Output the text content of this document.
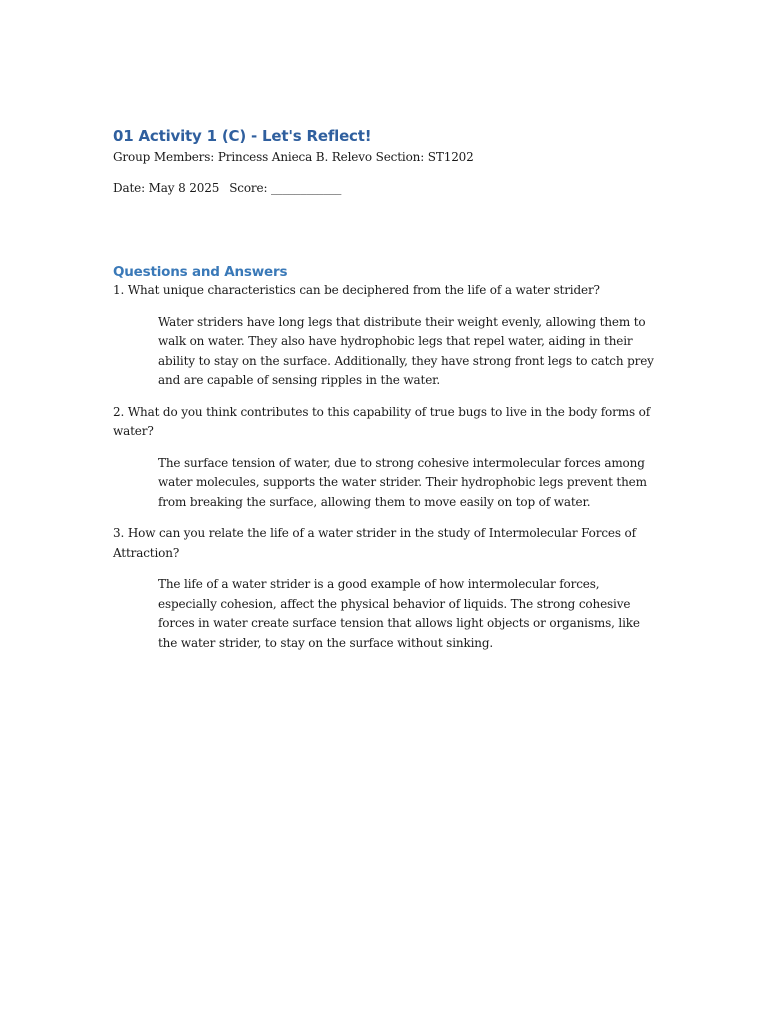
01 Activity 1 (C) - Let's Reflect!

Group Members: Princess Anieca B. Relevo Section: ST1202

Date: May 8 2025 Score: ____________

Questions and Answers

1. What unique characteristics can be deciphered from the life of a water strider?

Water striders have long legs that distribute their weight evenly, allowing them to walk on water. They also have hydrophobic legs that repel water, aiding in their ability to stay on the surface. Additionally, they have strong front legs to catch prey and are capable of sensing ripples in the water.

2. What do you think contributes to this capability of true bugs to live in the body forms of water?

The surface tension of water, due to strong cohesive intermolecular forces among water molecules, supports the water strider. Their hydrophobic legs prevent them from breaking the surface, allowing them to move easily on top of water.

3. How can you relate the life of a water strider in the study of Intermolecular Forces of Attraction?

The life of a water strider is a good example of how intermolecular forces, especially cohesion, affect the physical behavior of liquids. The strong cohesive forces in water create surface tension that allows light objects or organisms, like the water strider, to stay on the surface without sinking.
